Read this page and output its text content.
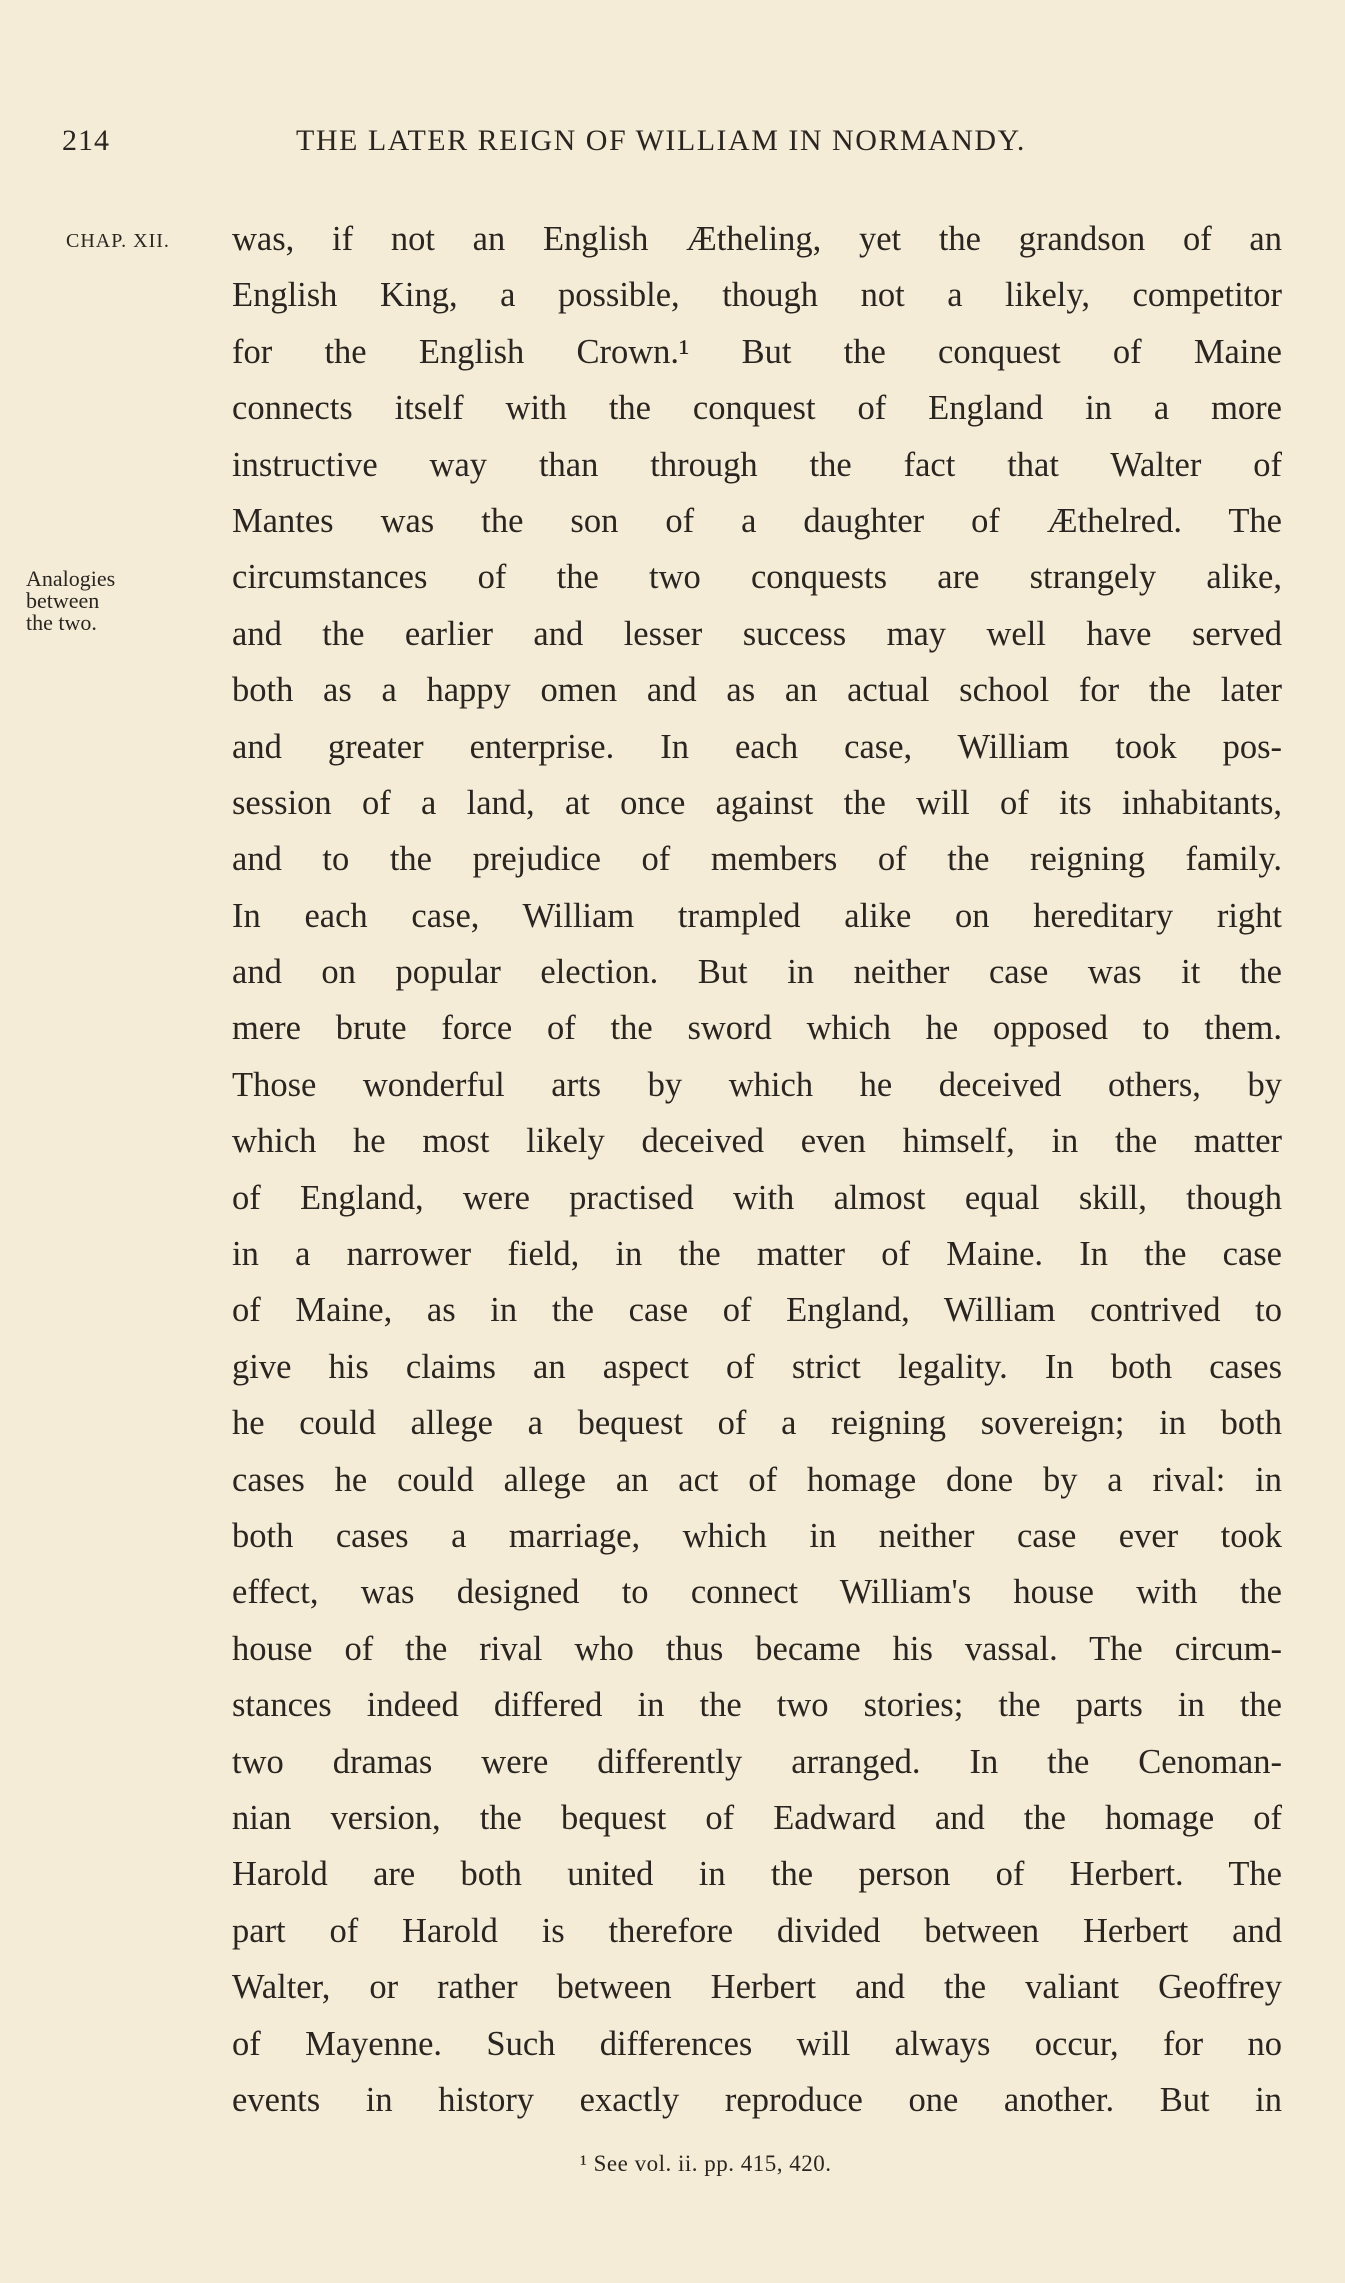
214	THE LATER REIGN OF WILLIAM IN NORMANDY.
CHAP. XII.
Analogies
between
the two.
was, if not an English Ætheling, yet the grandson of an
English King, a possible, though not a likely, competitor
for the English Crown.¹ But the conquest of Maine
connects itself with the conquest of England in a more
instructive way than through the fact that Walter of
Mantes was the son of a daughter of Æthelred. The
circumstances of the two conquests are strangely alike,
and the earlier and lesser success may well have served
both as a happy omen and as an actual school for the later
and greater enterprise. In each case, William took pos-
session of a land, at once against the will of its inhabitants,
and to the prejudice of members of the reigning family.
In each case, William trampled alike on hereditary right
and on popular election. But in neither case was it the
mere brute force of the sword which he opposed to them.
Those wonderful arts by which he deceived others, by
which he most likely deceived even himself, in the matter
of England, were practised with almost equal skill, though
in a narrower field, in the matter of Maine. In the case
of Maine, as in the case of England, William contrived to
give his claims an aspect of strict legality. In both cases
he could allege a bequest of a reigning sovereign; in both
cases he could allege an act of homage done by a rival: in
both cases a marriage, which in neither case ever took
effect, was designed to connect William's house with the
house of the rival who thus became his vassal. The circum-
stances indeed differed in the two stories; the parts in the
two dramas were differently arranged. In the Cenoman-
nian version, the bequest of Eadward and the homage of
Harold are both united in the person of Herbert. The
part of Harold is therefore divided between Herbert and
Walter, or rather between Herbert and the valiant Geoffrey
of Mayenne. Such differences will always occur, for no
events in history exactly reproduce one another. But in
¹ See vol. ii. pp. 415, 420.
